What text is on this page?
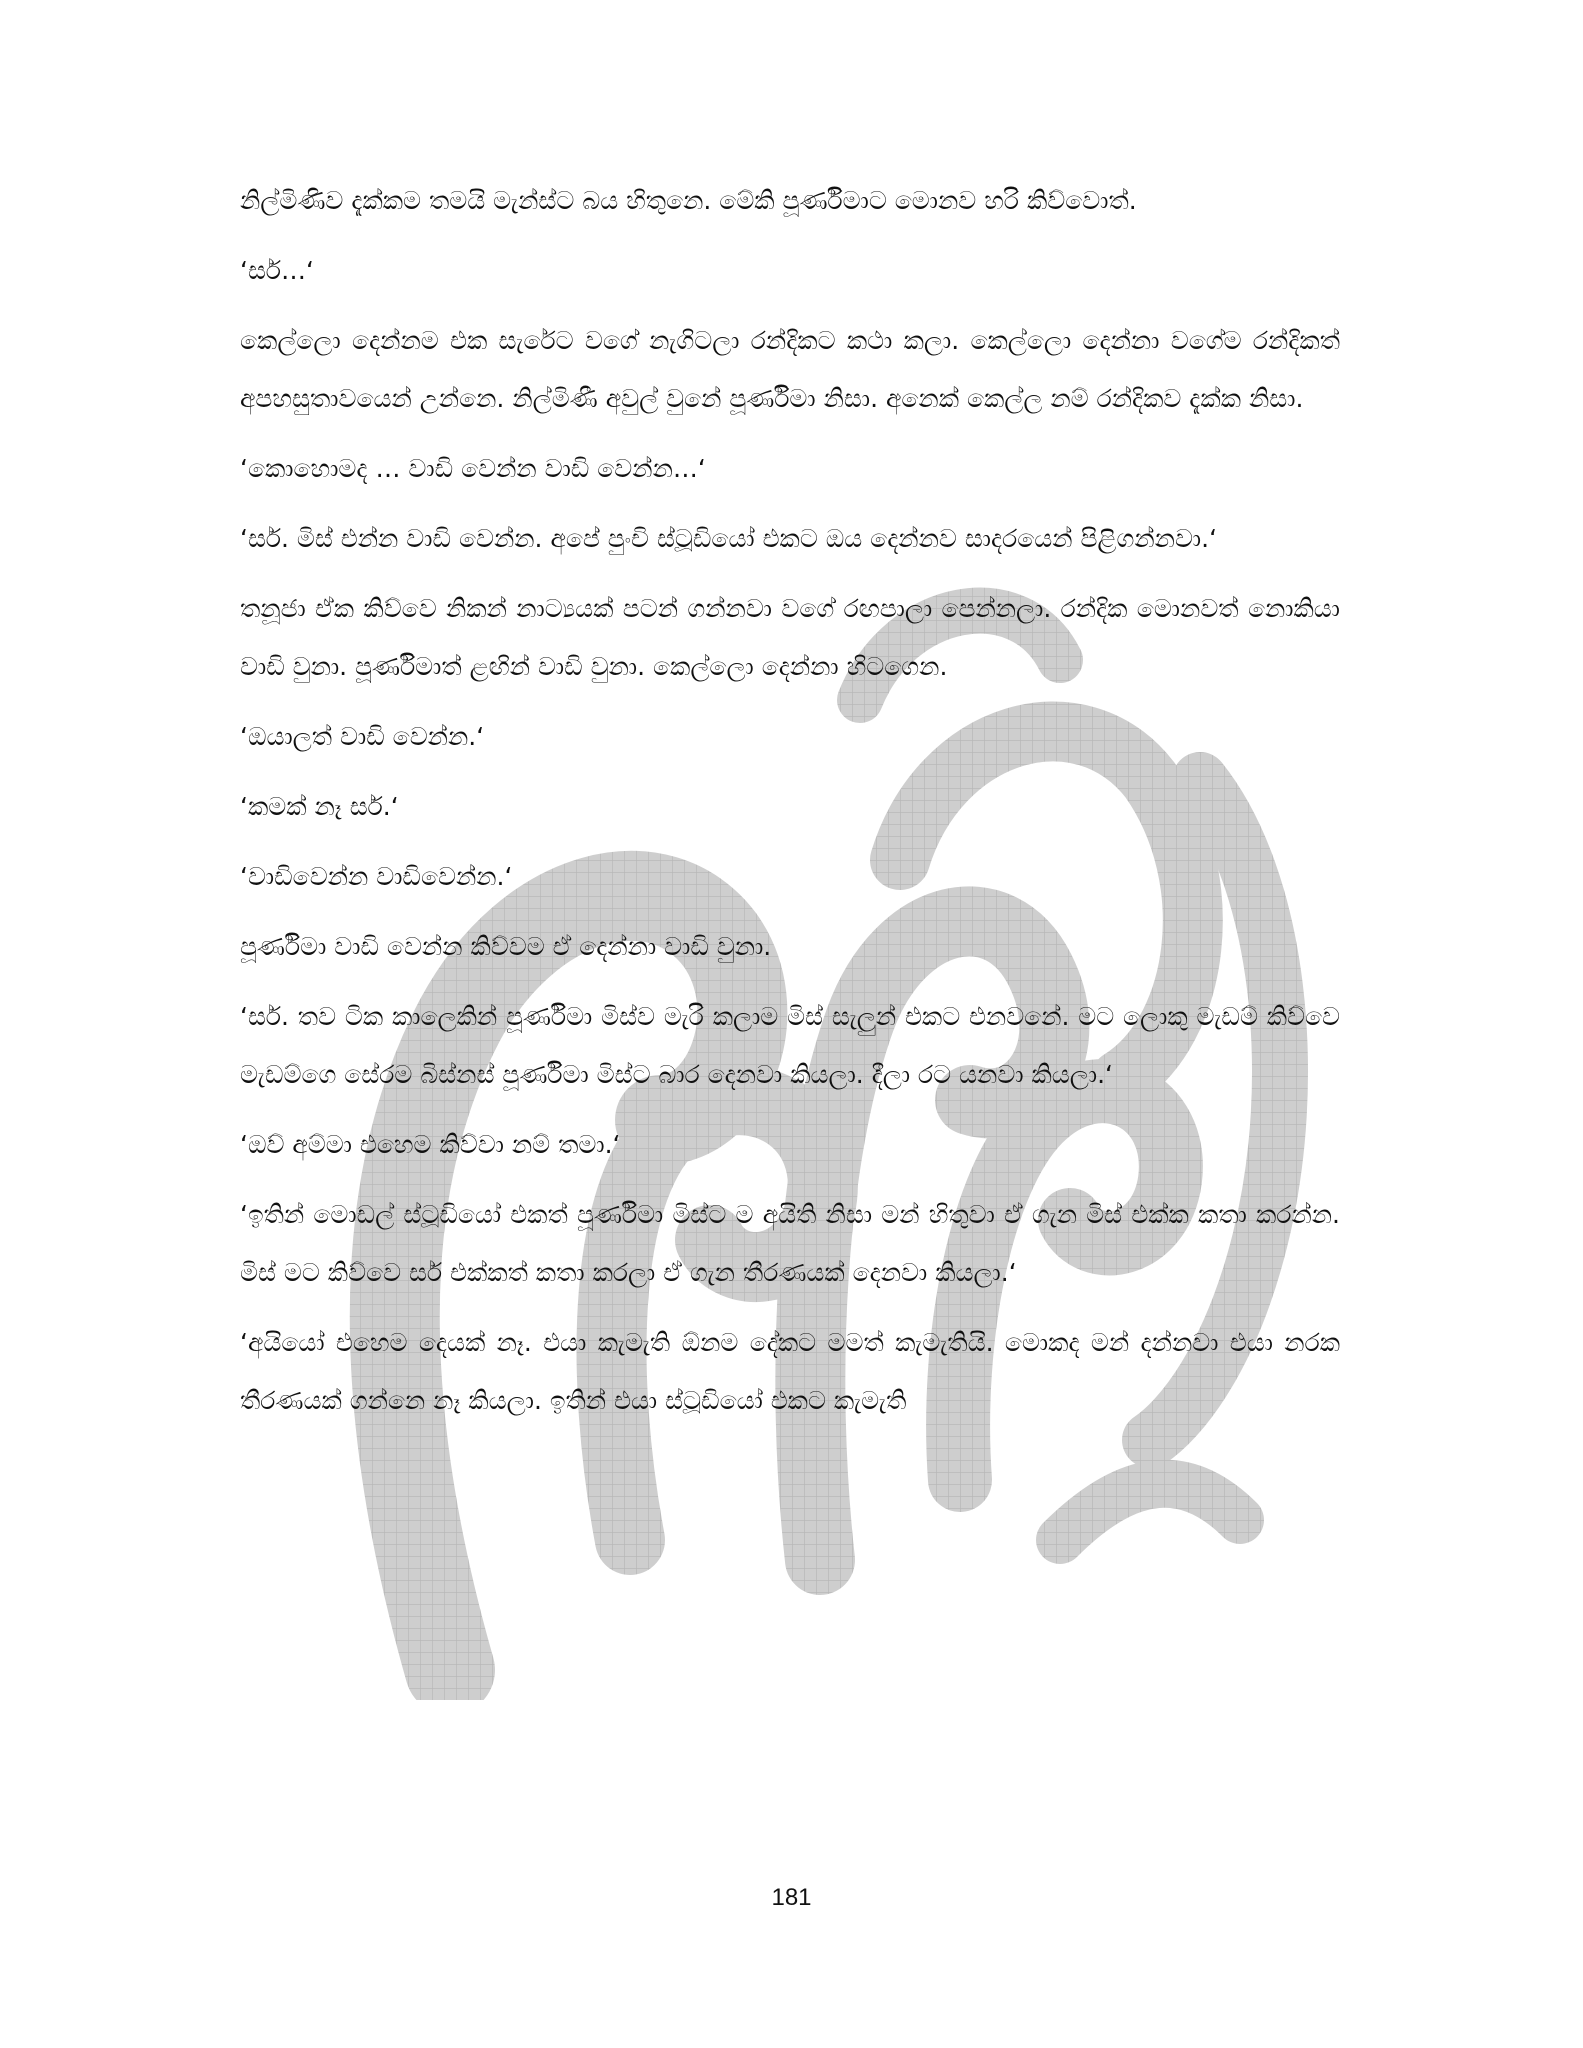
නිල්මිණිව දැක්කම තමයි මැන්ස්ට බය හිතුනෙ. මේකි පූර්ණිමාට මොනව හරි කිව්වොත්.

‘සර්…‘

කෙල්ලො දෙන්නම එක සැරේට වගේ නැගිටලා රන්දිකට කථා කලා. කෙල්ලො දෙන්නා වගේම රන්දිකත් අපහසුතාවයෙන් උන්නෙ. නිල්මිණී අවුල් වුනේ පූර්ණිමා නිසා. අනෙක් කෙල්ල නම් රන්දිකව දැක්ක නිසා.

‘කොහොමද … වාඩි වෙන්න වාඩි වෙන්න…‘

‘සර්. මිස් එන්න වාඩි වෙන්න. අපේ පුංචි ස්ටූඩියෝ එකට ඔය දෙන්නව සාදරයෙන් පිළිගන්නවා.‘

තනූජා ඒක කිව්වෙ නිකන් නාට්‍යයක් පටන් ගන්නවා වගේ රඟපාලා පෙන්නලා. රන්දික මොනවත් නොකියා වාඩි වුනා. පූර්ණිමාත් ළඟින් වාඩි වුනා. කෙල්ලො දෙන්නා හිටගෙන.

‘ඔයාලත් වාඩි වෙන්න.‘

‘කමක් නෑ සර්.‘

‘වාඩිවෙන්න වාඩිවෙන්න.‘

පූර්ණිමා වාඩි වෙන්න කිව්වම ඒ දෙන්නා වාඩි වුනා.

‘සර්. තව ටික කාලෙකින් පූර්ණිමා මිස්ව මැරි කලාම මිස් සැලුන් එකට එනවනේ. මට ලොකු මැඩම් කිව්වෙ මැඩම්ගෙ සේරම බිස්නස් පූර්ණිමා මිස්ට බාර දෙනවා කියලා. දීලා රට යනවා කියලා.‘

‘ඔව් අම්මා එහෙම කිව්වා නම් තමා.‘

‘ඉතින් මොඩල් ස්ටූඩියෝ එකත් පූර්ණිමා මිස්ට ම අයිති නිසා මන් හිතුවා ඒ ගැන මිස් එක්ක කතා කරන්න. මිස් මට කිව්වෙ සර් එක්කත් කතා කරලා ඒ ගැන තීරණයක් දෙනවා කියලා.‘

‘අයියෝ එහෙම දෙයක් නෑ. එයා කැමැති ඕනම දේකට මමත් කැමැතියි. මොකද මන් දන්නවා එයා නරක තීරණයක් ගන්නෙ නෑ කියලා. ඉතින් එයා ස්ටූඩියෝ එකට කැමැති

181
